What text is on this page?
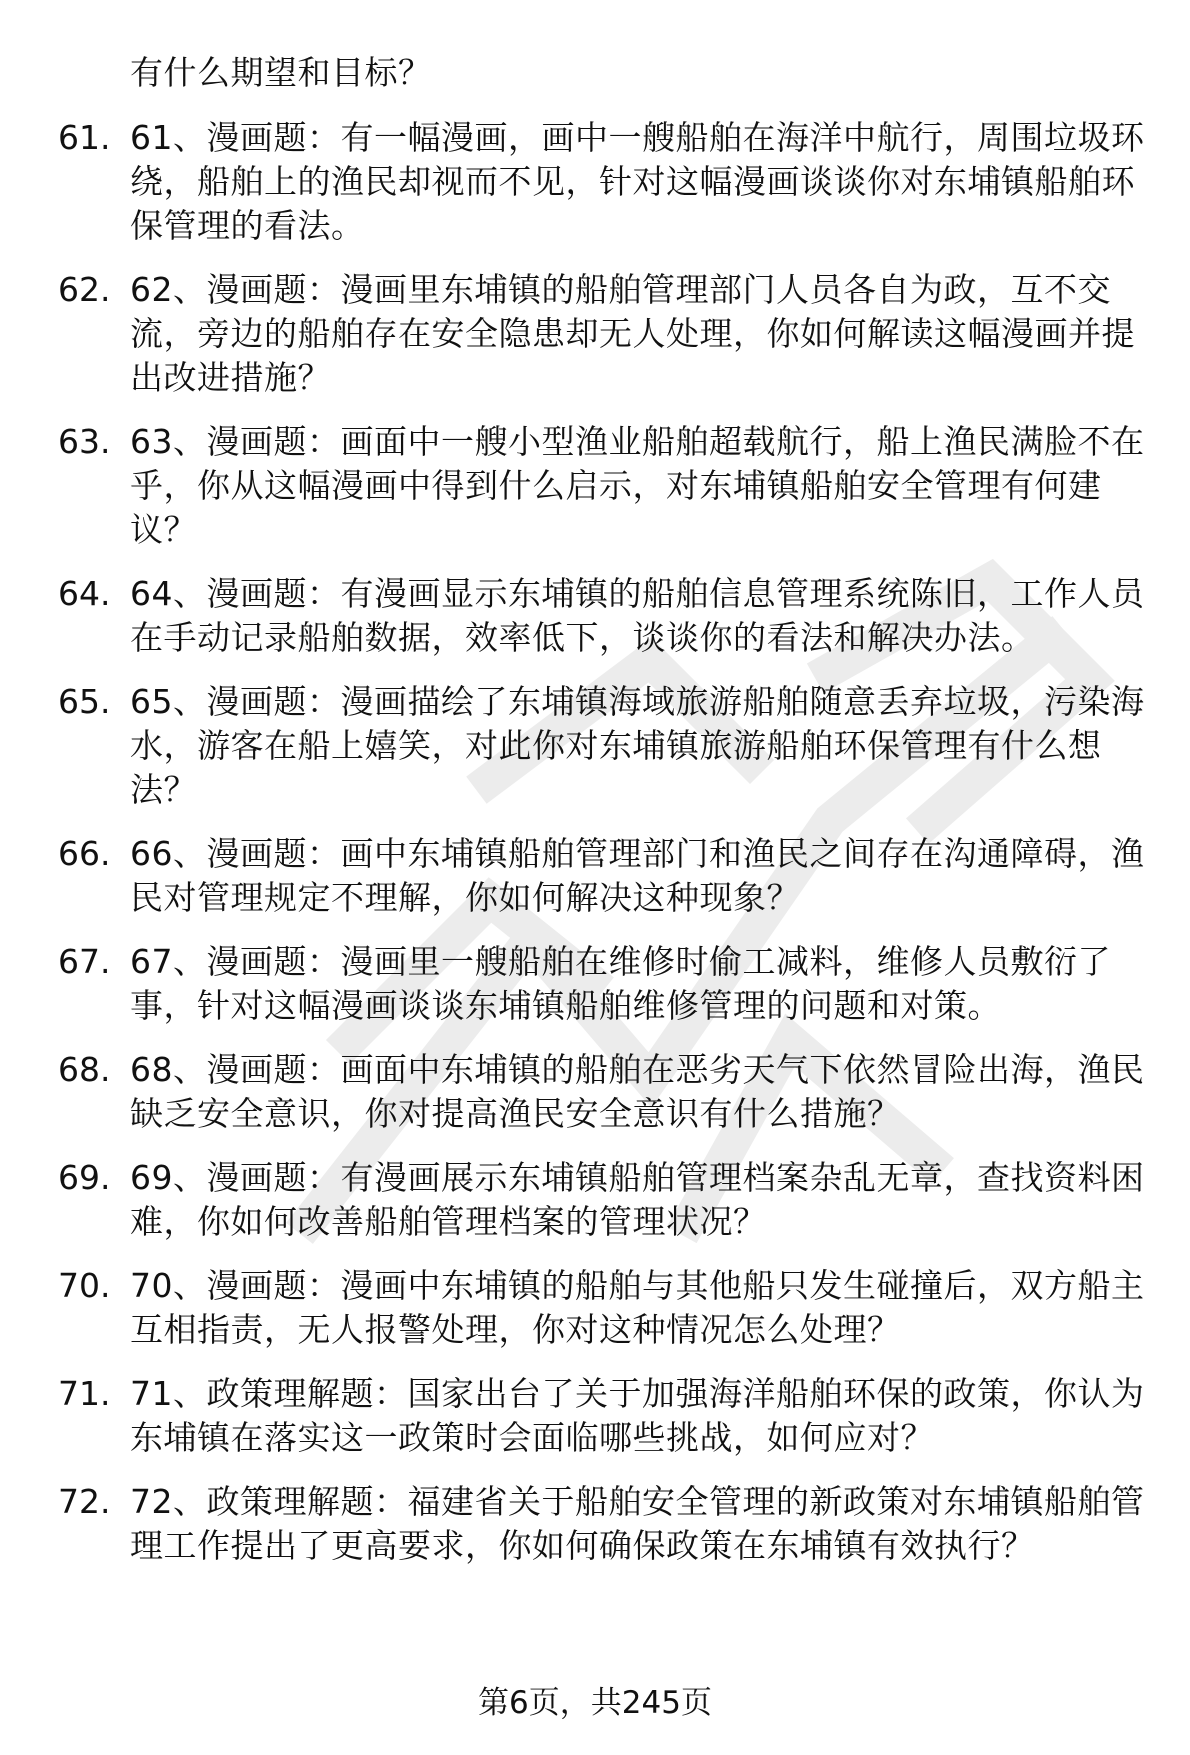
有什么期望和目标？
61. 61、漫画题：有一幅漫画，画中一艘船舶在海洋中航行，周围垃圾环绕，船舶上的渔民却视而不见，针对这幅漫画谈谈你对东埔镇船舶环保管理的看法。
62. 62、漫画题：漫画里东埔镇的船舶管理部门人员各自为政，互不交流，旁边的船舶存在安全隐患却无人处理，你如何解读这幅漫画并提出改进措施？
63. 63、漫画题：画面中一艘小型渔业船舶超载航行，船上渔民满脸不在乎，你从这幅漫画中得到什么启示，对东埔镇船舶安全管理有何建议？
64. 64、漫画题：有漫画显示东埔镇的船舶信息管理系统陈旧，工作人员在手动记录船舶数据，效率低下，谈谈你的看法和解决办法。
65. 65、漫画题：漫画描绘了东埔镇海域旅游船舶随意丢弃垃圾，污染海水，游客在船上嬉笑，对此你对东埔镇旅游船舶环保管理有什么想法？
66. 66、漫画题：画中东埔镇船舶管理部门和渔民之间存在沟通障碍，渔民对管理规定不理解，你如何解决这种现象？
67. 67、漫画题：漫画里一艘船舶在维修时偷工减料，维修人员敷衍了事，针对这幅漫画谈谈东埔镇船舶维修管理的问题和对策。
68. 68、漫画题：画面中东埔镇的船舶在恶劣天气下依然冒险出海，渔民缺乏安全意识，你对提高渔民安全意识有什么措施？
69. 69、漫画题：有漫画展示东埔镇船舶管理档案杂乱无章，查找资料困难，你如何改善船舶管理档案的管理状况？
70. 70、漫画题：漫画中东埔镇的船舶与其他船只发生碰撞后，双方船主互相指责，无人报警处理，你对这种情况怎么处理？
71. 71、政策理解题：国家出台了关于加强海洋船舶环保的政策，你认为东埔镇在落实这一政策时会面临哪些挑战，如何应对？
72. 72、政策理解题：福建省关于船舶安全管理的新政策对东埔镇船舶管理工作提出了更高要求，你如何确保政策在东埔镇有效执行？
第6页，共245页
